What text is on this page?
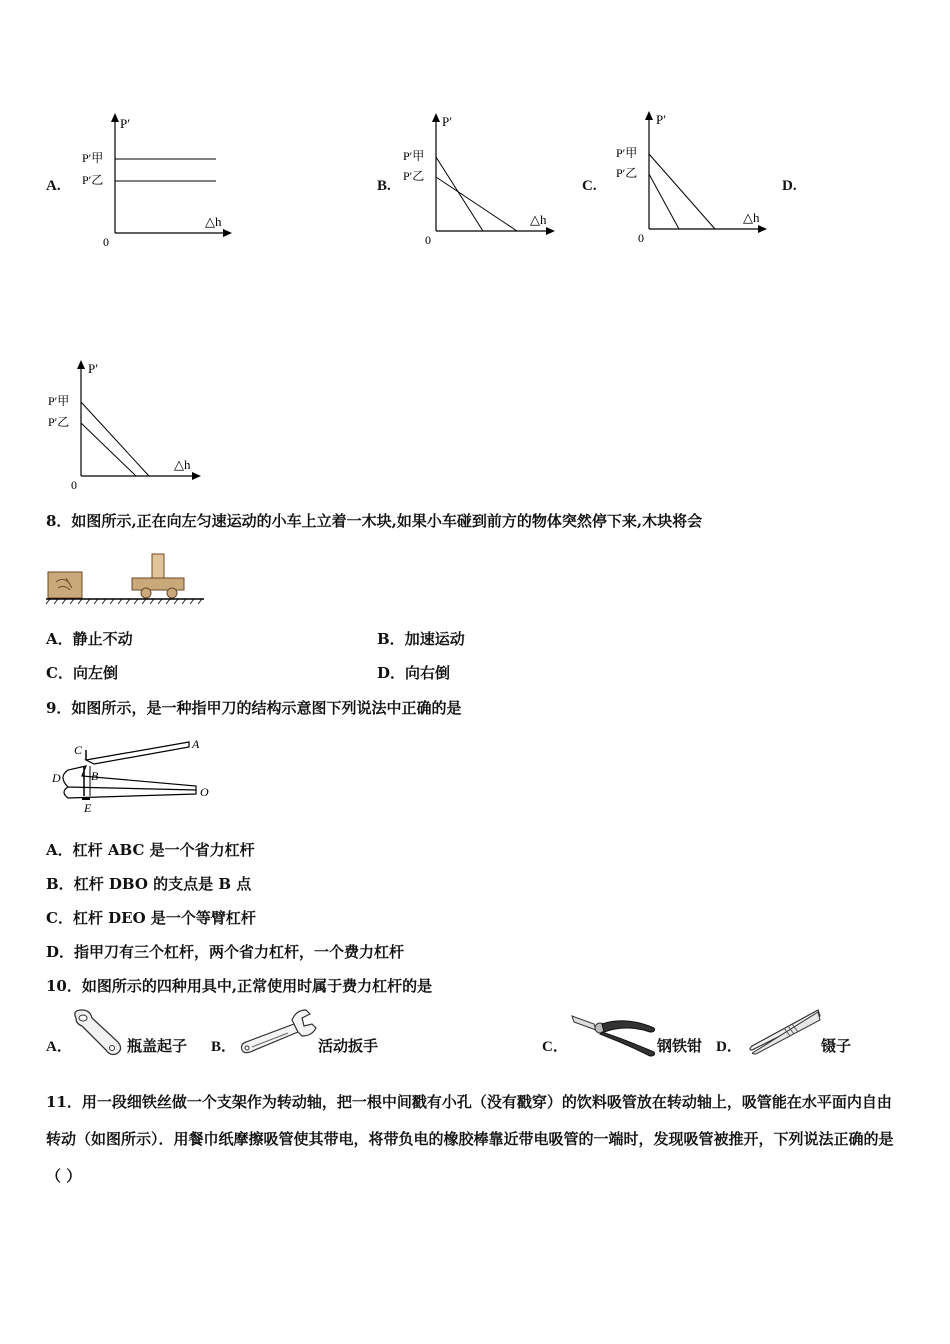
A.
P′
△h
0
P′甲
P′乙	B.
P′
△h
0
P′甲
P′乙
C.
P′
△h
0
P′甲
P′乙
D.
P′
△h
0
P′甲
P′乙
8．如图所示,正在向左匀速运动的小车上立着一木块,如果小车碰到前方的物体突然停下来,木块将会
A．静止不动	B．加速运动
C．向左倒	D．向右倒
9．如图所示，是一种指甲刀的结构示意图下列说法中正确的是
A
B
C
D
E
O
A．杠杆 ABC 是一个省力杠杆
B．杠杆 DBO 的支点是 B 点
C．杠杆 DEO 是一个等臂杠杆
D．指甲刀有三个杠杆，两个省力杠杆，一个费力杠杆
10．如图所示的四种用具中,正常使用时属于费力杠杆的是
A．	瓶盖起子 B．	活动扳手	C．	钢铁钳 D．	镊子
11．用一段细铁丝做一个支架作为转动轴，把一根中间戳有小孔（没有戳穿）的饮料吸管放在转动轴上，吸管能在水平面内自由转动（如图所示）．用餐巾纸摩擦吸管使其带电，将带负电的橡胶棒靠近带电吸管的一端时，发现吸管被推开，下列说法正确的是（ ）
